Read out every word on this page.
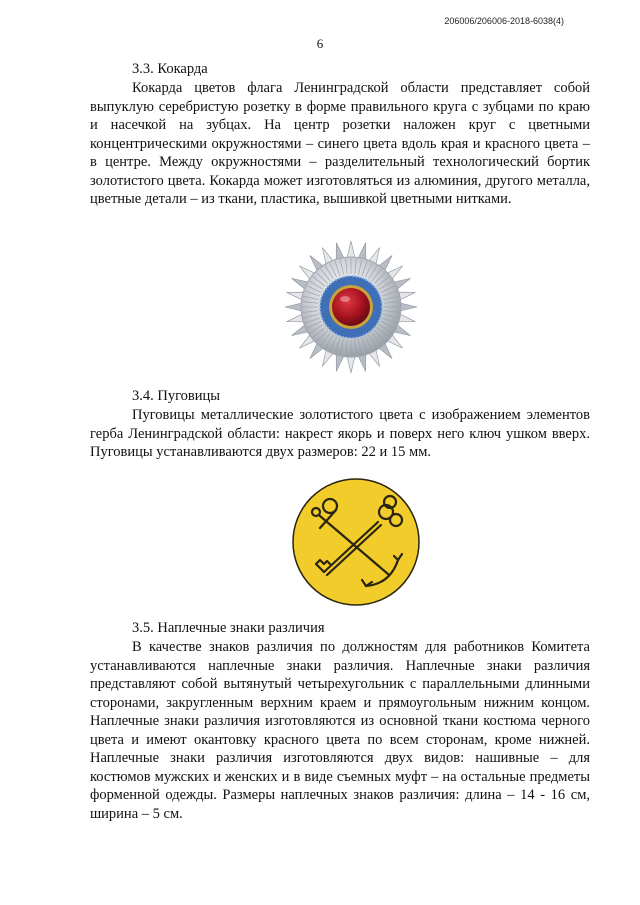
206006/206006-2018-6038(4)
6
3.3. Кокарда

Кокарда цветов флага Ленинградской области представляет собой выпуклую серебристую розетку в форме правильного круга с зубцами по краю и насечкой на зубцах. На центр розетки наложен круг с цветными концентрическими окружностями – синего цвета вдоль края и красного цвета – в центре. Между окружностями – разделительный технологический бортик золотистого цвета. Кокарда может изготовляться из алюминия, другого металла, цветные детали – из ткани, пластика, вышивкой цветными нитками.

3.4. Пуговицы

Пуговицы металлические золотистого цвета с изображением элементов герба Ленинградской области: накрест якорь и поверх него ключ ушком вверх. Пуговицы устанавливаются двух размеров: 22 и 15 мм.

3.5. Наплечные знаки различия

В качестве знаков различия по должностям для работников Комитета устанавливаются наплечные знаки различия. Наплечные знаки различия представляют собой вытянутый четырехугольник с параллельными длинными сторонами, закругленным верхним краем и прямоугольным нижним концом. Наплечные знаки различия изготовляются из основной ткани костюма черного цвета и имеют окантовку красного цвета по всем сторонам, кроме нижней. Наплечные знаки различия изготовляются двух видов: нашивные – для костюмов мужских и женских и в виде съемных муфт – на остальные предметы форменной одежды. Размеры наплечных знаков различия: длина – 14 - 16 см, ширина – 5 см.
